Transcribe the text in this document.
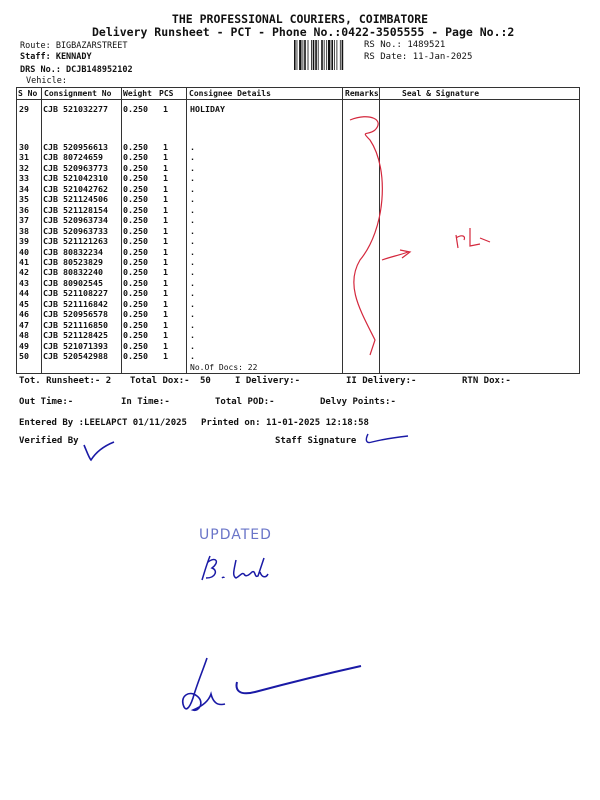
THE PROFESSIONAL COURIERS, COIMBATORE
Delivery Runsheet - PCT - Phone No.:0422-3505555 - Page No.:2
Route: BIGBAZARSTREET
Staff: KENNADY
DRS No.: DCJB148952102
Vehicle:
RS No.: 1489521
RS Date: 11-Jan-2025
S No Consignment No Weight PCS Consignee Details	Remarks	Seal & Signature
29 CJB 521032277 0.250 1	HOLIDAY
30 CJB 520956613 0.250 1	.
31 CJB 80724659 0.250 1	.
32 CJB 520963773 0.250 1	.
33 CJB 521042310 0.250 1	.
34 CJB 521042762 0.250 1	.
35 CJB 521124506 0.250 1	.
36 CJB 521128154 0.250 1	.
37 CJB 520963734 0.250 1	.
38 CJB 520963733 0.250 1	.
39 CJB 521121263 0.250 1	.
40 CJB 80832234 0.250 1	.
41 CJB 80523829 0.250 1	.
42 CJB 80832240 0.250 1	.
43 CJB 80902545 0.250 1	.
44 CJB 521108227 0.250 1	.
45 CJB 521116842 0.250 1	.
46 CJB 520956578 0.250 1	.
47 CJB 521116850 0.250 1	.
48 CJB 521128425 0.250 1	.
49 CJB 521071393 0.250 1	.
50 CJB 520542988 0.250 1	.
No.Of Docs: 22
Tot. Runsheet:- 2 Total Dox:- 50	I Delivery:-	II Delivery:-	RTN Dox:-
Out Time:-	In Time:-	Total POD:-	Delvy Points:-
Entered By :LEELAPCT 01/11/2025 Printed on: 11-01-2025 12:18:58
Verified By	Staff Signature
UPDATED
